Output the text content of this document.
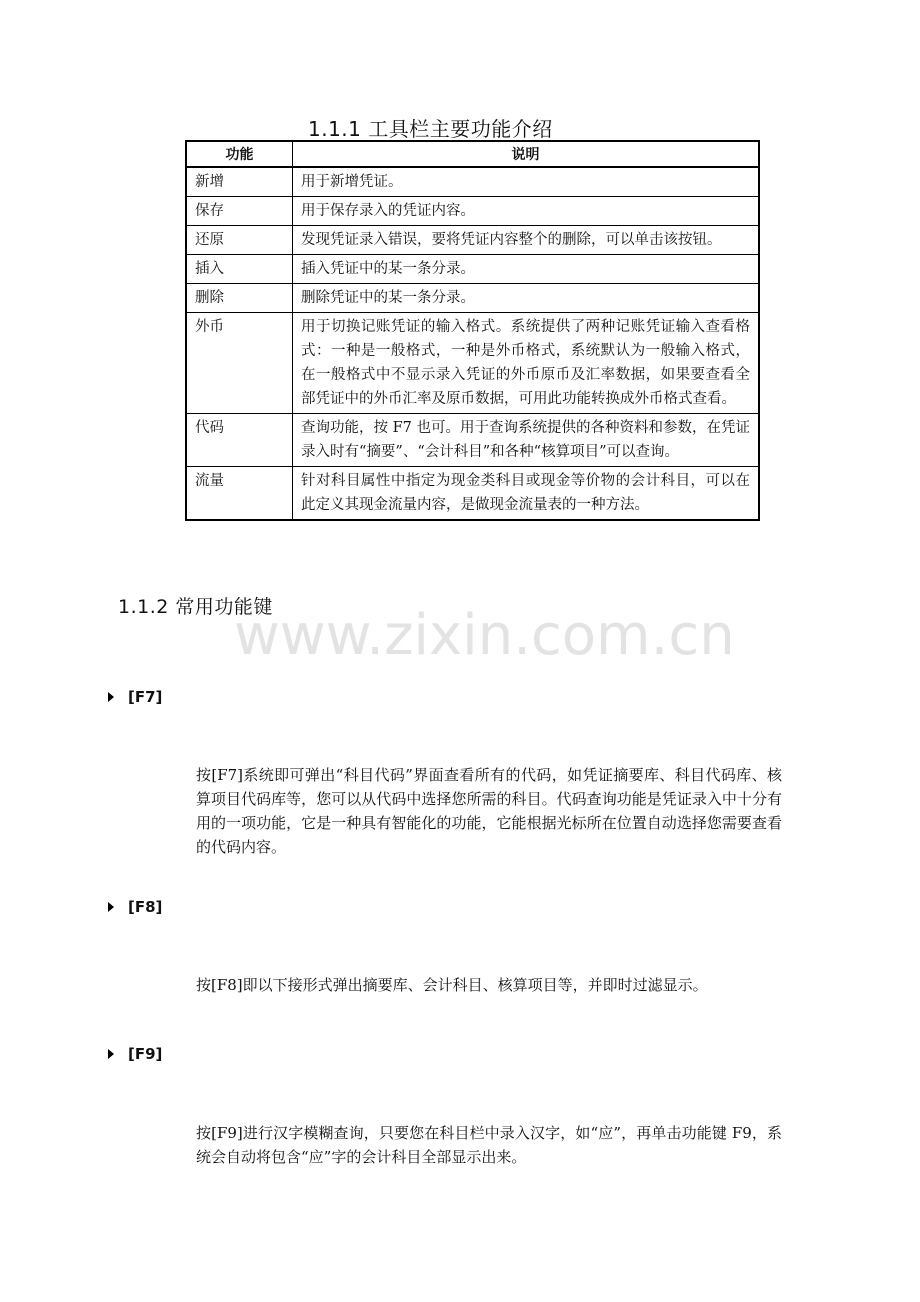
1.1.1 工具栏主要功能介绍
功能	说明
新增	用于新增凭证。
保存	用于保存录入的凭证内容。
还原	发现凭证录入错误，要将凭证内容整个的删除，可以单击该按钮。
插入	插入凭证中的某一条分录。
删除	删除凭证中的某一条分录。
外币	用于切换记账凭证的输入格式。系统提供了两种记账凭证输入查看格式：一种是一般格式，一种是外币格式，系统默认为一般输入格式，在一般格式中不显示录入凭证的外币原币及汇率数据，如果要查看全部凭证中的外币汇率及原币数据，可用此功能转换成外币格式查看。
代码	查询功能，按 F7 也可。用于查询系统提供的各种资料和参数，在凭证录入时有“摘要”、“会计科目”和各种“核算项目”可以查询。
流量	针对科目属性中指定为现金类科目或现金等价物的会计科目，可以在此定义其现金流量内容，是做现金流量表的一种方法。
1.1.2 常用功能键
www.zixin.com.cn
[F7]

按[F7]系统即可弹出“科目代码”界面查看所有的代码，如凭证摘要库、科目代码库、核算项目代码库等，您可以从代码中选择您所需的科目。代码查询功能是凭证录入中十分有用的一项功能，它是一种具有智能化的功能，它能根据光标所在位置自动选择您需要查看的代码内容。

[F8]

按[F8]即以下接形式弹出摘要库、会计科目、核算项目等，并即时过滤显示。

[F9]

按[F9]进行汉字模糊查询，只要您在科目栏中录入汉字，如“应”，再单击功能键 F9，系统会自动将包含“应”字的会计科目全部显示出来。
